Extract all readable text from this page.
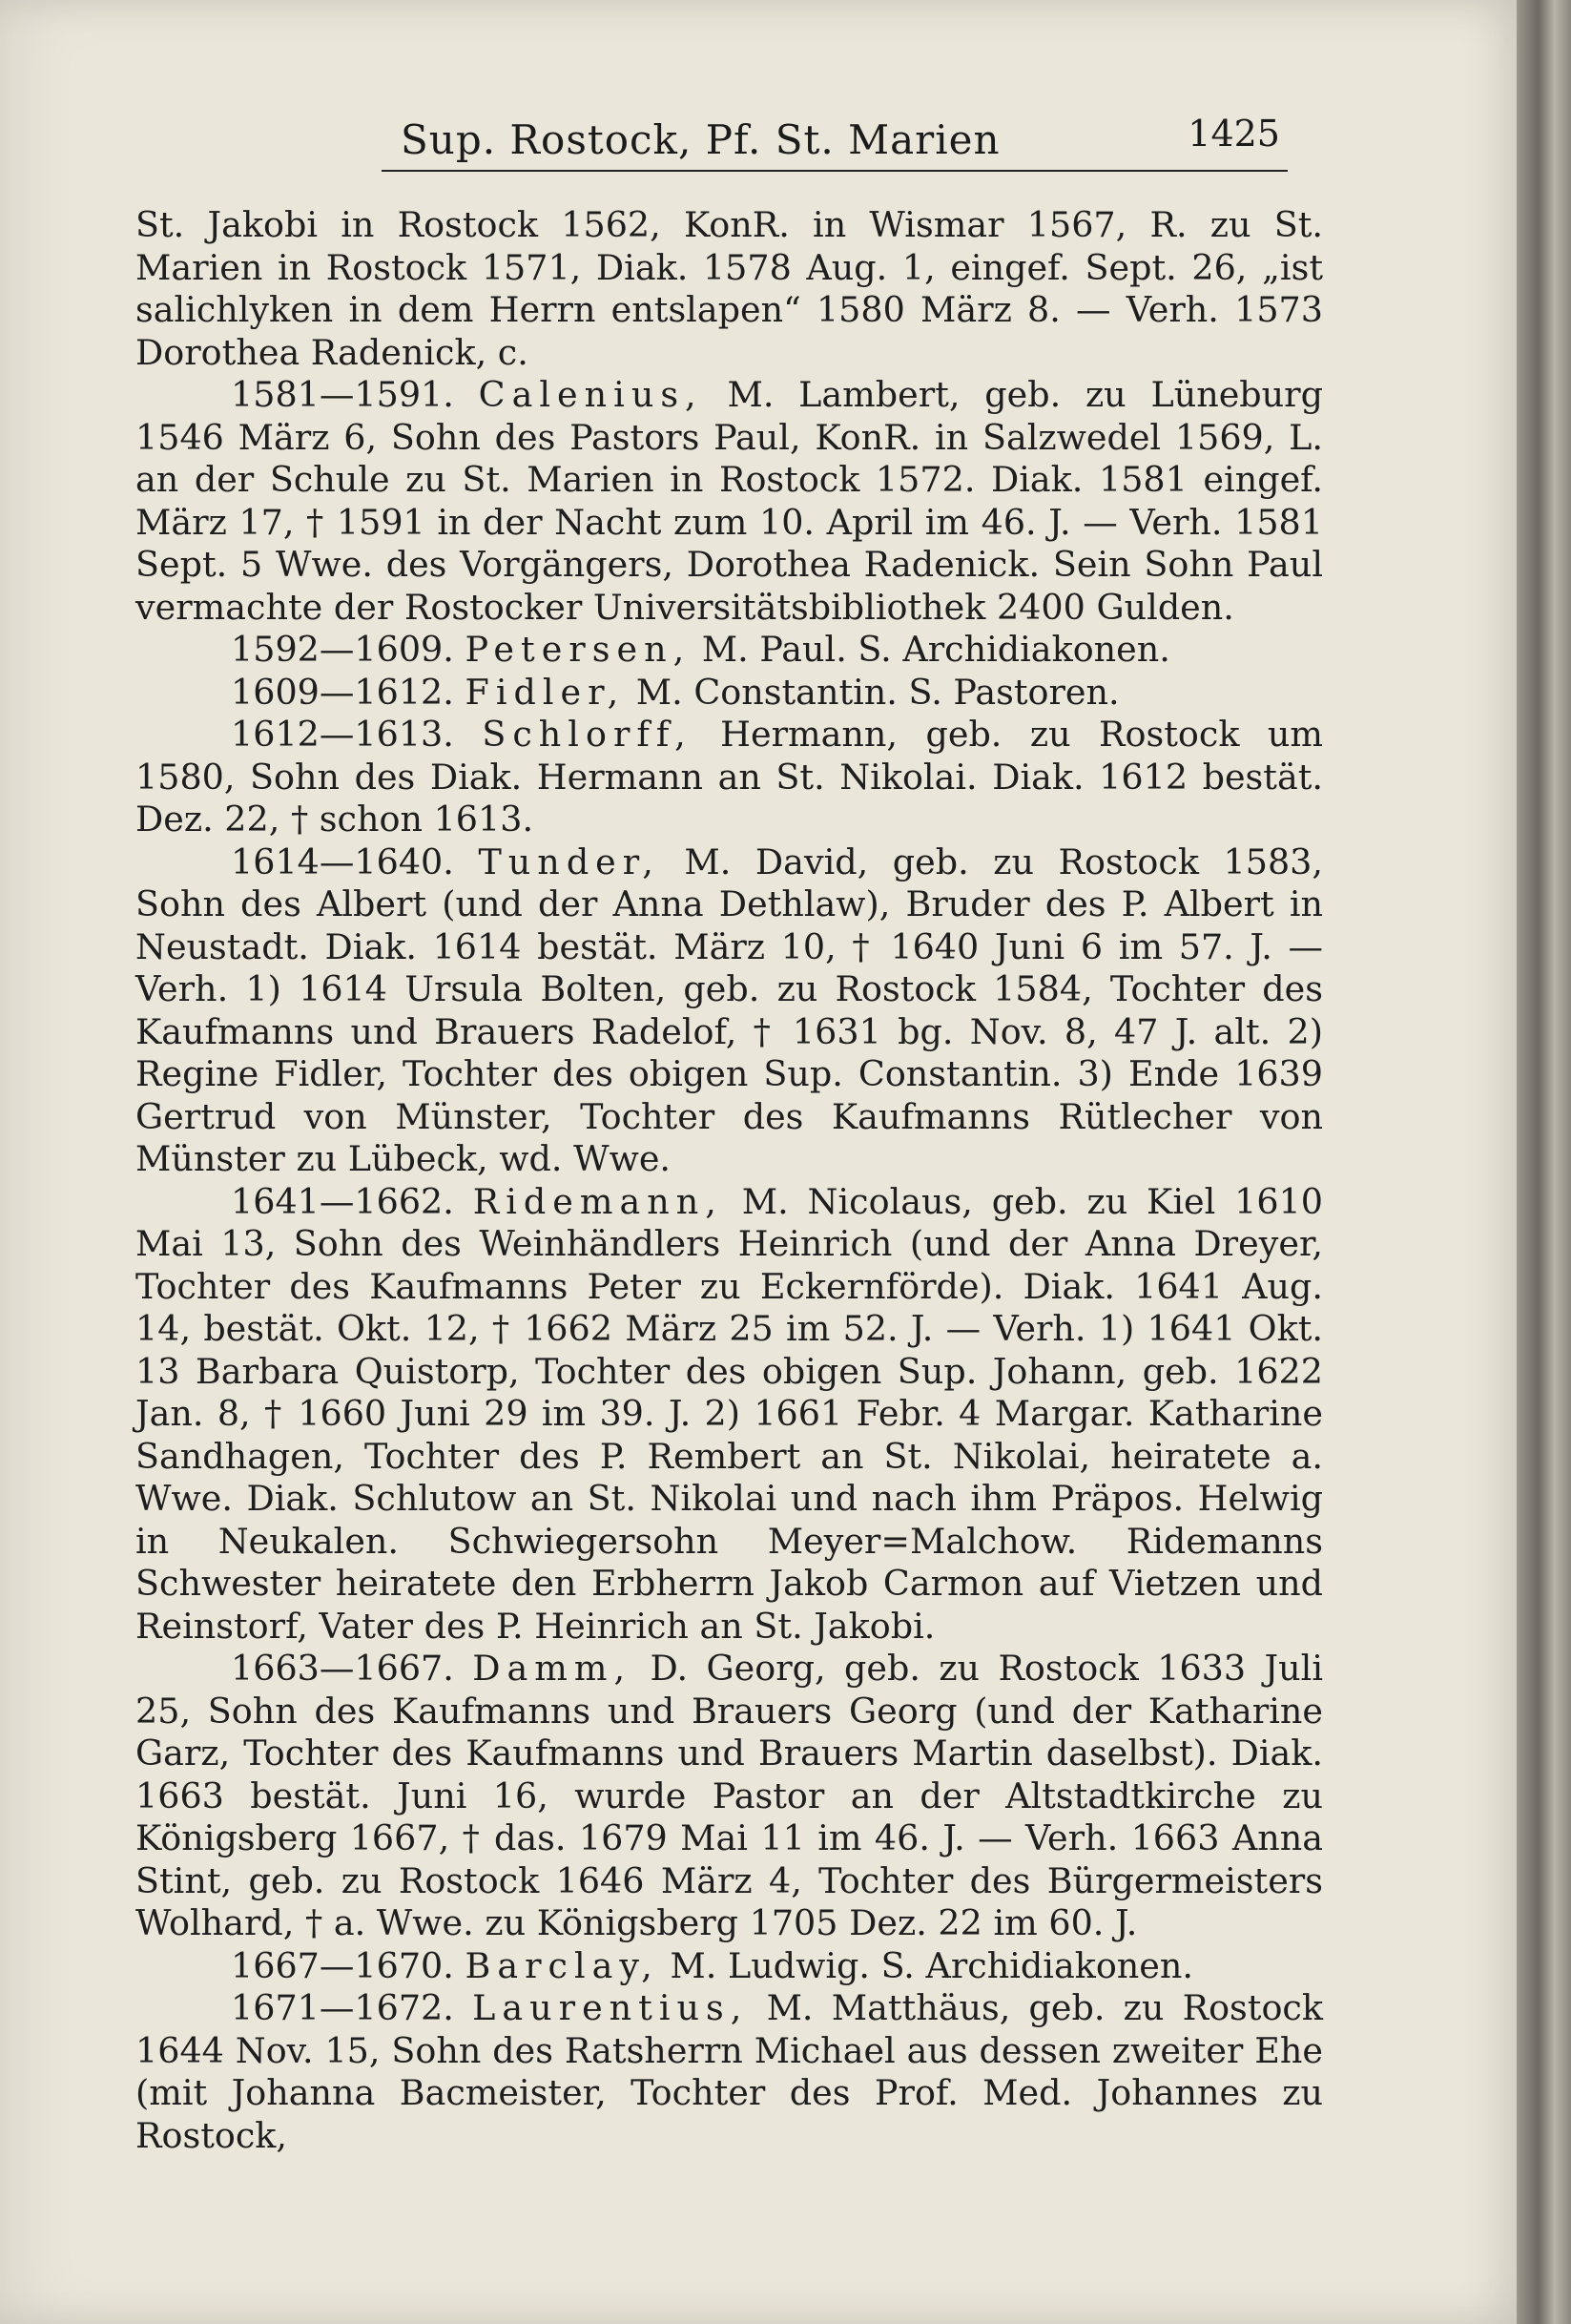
Sup. Rostock, Pf. St. Marien	1425

St. Jakobi in Rostock 1562, KonR. in Wismar 1567, R. zu St. Marien in Rostock 1571, Diak. 1578 Aug. 1, eingef. Sept. 26, „ist salichlyken in dem Herrn entslapen“ 1580 März 8. — Verh. 1573 Dorothea Radenick, c.

1581—1591. Calenius, M. Lambert, geb. zu Lüneburg 1546 März 6, Sohn des Pastors Paul, KonR. in Salzwedel 1569, L. an der Schule zu St. Marien in Rostock 1572. Diak. 1581 eingef. März 17, † 1591 in der Nacht zum 10. April im 46. J. — Verh. 1581 Sept. 5 Wwe. des Vorgängers, Dorothea Radenick. Sein Sohn Paul vermachte der Rostocker Universitätsbibliothek 2400 Gulden.

1592—1609. Petersen, M. Paul. S. Archidiakonen.

1609—1612. Fidler, M. Constantin. S. Pastoren.

1612—1613. Schlorff, Hermann, geb. zu Rostock um 1580, Sohn des Diak. Hermann an St. Nikolai. Diak. 1612 bestät. Dez. 22, † schon 1613.

1614—1640. Tunder, M. David, geb. zu Rostock 1583, Sohn des Albert (und der Anna Dethlaw), Bruder des P. Albert in Neustadt. Diak. 1614 bestät. März 10, † 1640 Juni 6 im 57. J. — Verh. 1) 1614 Ursula Bolten, geb. zu Rostock 1584, Tochter des Kaufmanns und Brauers Radelof, † 1631 bg. Nov. 8, 47 J. alt. 2) Regine Fidler, Tochter des obigen Sup. Constantin. 3) Ende 1639 Gertrud von Münster, Tochter des Kaufmanns Rütlecher von Münster zu Lübeck, wd. Wwe.

1641—1662. Ridemann, M. Nicolaus, geb. zu Kiel 1610 Mai 13, Sohn des Weinhändlers Heinrich (und der Anna Dreyer, Tochter des Kaufmanns Peter zu Eckernförde). Diak. 1641 Aug. 14, bestät. Okt. 12, † 1662 März 25 im 52. J. — Verh. 1) 1641 Okt. 13 Barbara Quistorp, Tochter des obigen Sup. Johann, geb. 1622 Jan. 8, † 1660 Juni 29 im 39. J. 2) 1661 Febr. 4 Margar. Katharine Sandhagen, Tochter des P. Rembert an St. Nikolai, heiratete a. Wwe. Diak. Schlutow an St. Nikolai und nach ihm Präpos. Helwig in Neukalen. Schwiegersohn Meyer=Malchow. Ridemanns Schwester heiratete den Erbherrn Jakob Carmon auf Vietzen und Reinstorf, Vater des P. Heinrich an St. Jakobi.

1663—1667. Damm, D. Georg, geb. zu Rostock 1633 Juli 25, Sohn des Kaufmanns und Brauers Georg (und der Katharine Garz, Tochter des Kaufmanns und Brauers Martin daselbst). Diak. 1663 bestät. Juni 16, wurde Pastor an der Altstadtkirche zu Königsberg 1667, † das. 1679 Mai 11 im 46. J. — Verh. 1663 Anna Stint, geb. zu Rostock 1646 März 4, Tochter des Bürgermeisters Wolhard, † a. Wwe. zu Königsberg 1705 Dez. 22 im 60. J.

1667—1670. Barclay, M. Ludwig. S. Archidiakonen.

1671—1672. Laurentius, M. Matthäus, geb. zu Rostock 1644 Nov. 15, Sohn des Ratsherrn Michael aus dessen zweiter Ehe (mit Johanna Bacmeister, Tochter des Prof. Med. Johannes zu Rostock,
